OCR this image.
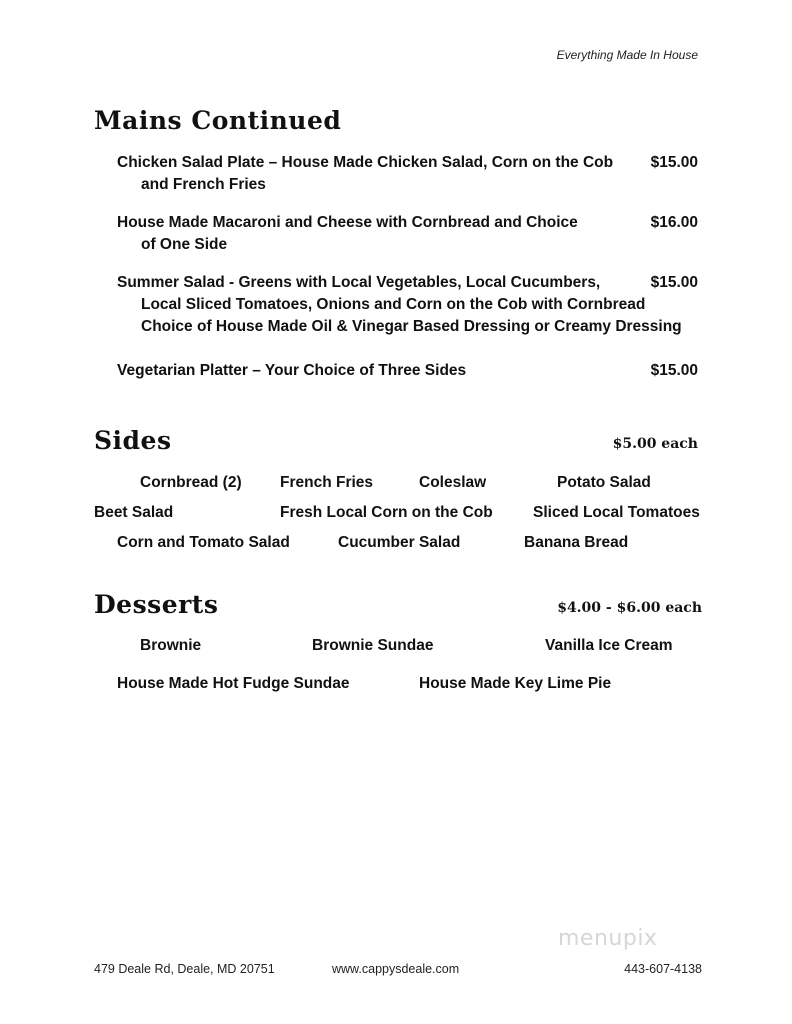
Everything Made In House
Mains Continued
Chicken Salad Plate – House Made Chicken Salad, Corn on the Cob
and French Fries
$15.00
House Made Macaroni and Cheese with Cornbread and Choice
of One Side
$16.00
Summer Salad - Greens with Local Vegetables, Local Cucumbers,
Local Sliced Tomatoes, Onions and Corn on the Cob with Cornbread
Choice of House Made Oil & Vinegar Based Dressing or Creamy Dressing
$15.00
Vegetarian Platter – Your Choice of Three Sides	$15.00
Sides	$5.00 each
Cornbread (2) French Fries	Coleslaw	Potato Salad
Beet Salad	Fresh Local Corn on the Cob	Sliced Local Tomatoes
Corn and Tomato Salad	Cucumber Salad	Banana Bread
Desserts	$4.00 - $6.00 each
Brownie	Brownie Sundae	Vanilla Ice Cream
House Made Hot Fudge Sundae	House Made Key Lime Pie
menupix
479 Deale Rd, Deale, MD 20751	www.cappysdeale.com	443-607-4138
